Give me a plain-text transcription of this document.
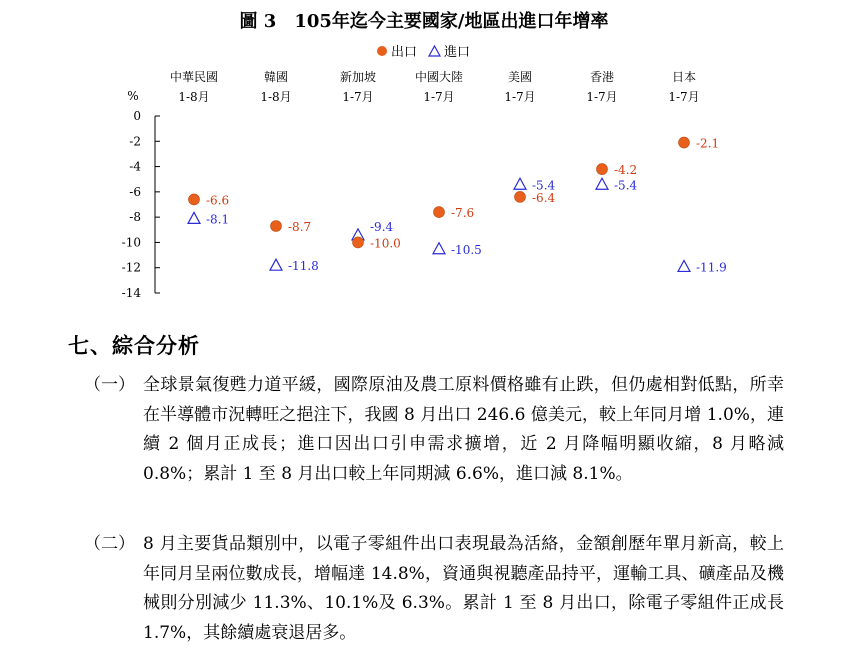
圖 3　105年迄今主要國家/地區出進口年增率
出口 進口
中華民國
1-8月
韓國
1-8月
新加坡
1-7月
中國大陸
1-7月
美國
1-7月
香港
1-7月
日本
1-7月
%
0
-2
-4
-6
-8
-10
-12
-14
-8.1
-11.8
-9.4
-10.5
-5.4	-5.4
-11.9
-6.6
-8.7
-10.0
-7.6
-6.4
-4.2
-2.1
七、綜合分析
（一） 全球景氣復甦力道平緩，國際原油及農工原料價格雖有止跌，但仍處相對低點，所幸在半導體市況轉旺之挹注下，我國 8 月出口 246.6 億美元，較上年同月增 1.0%，連續 2 個月正成長；進口因出口引申需求擴增，近 2 月降幅明顯收縮，8 月略減 0.8%；累計 1 至 8 月出口較上年同期減 6.6%，進口減 8.1%。
（二） 8 月主要貨品類別中，以電子零組件出口表現最為活絡，金額創歷年單月新高，較上年同月呈兩位數成長，增幅達 14.8%，資通與視聽產品持平，運輸工具、礦產品及機械則分別減少 11.3%、10.1%及 6.3%。累計 1 至 8 月出口，除電子零組件正成長 1.7%，其餘續處衰退居多。
